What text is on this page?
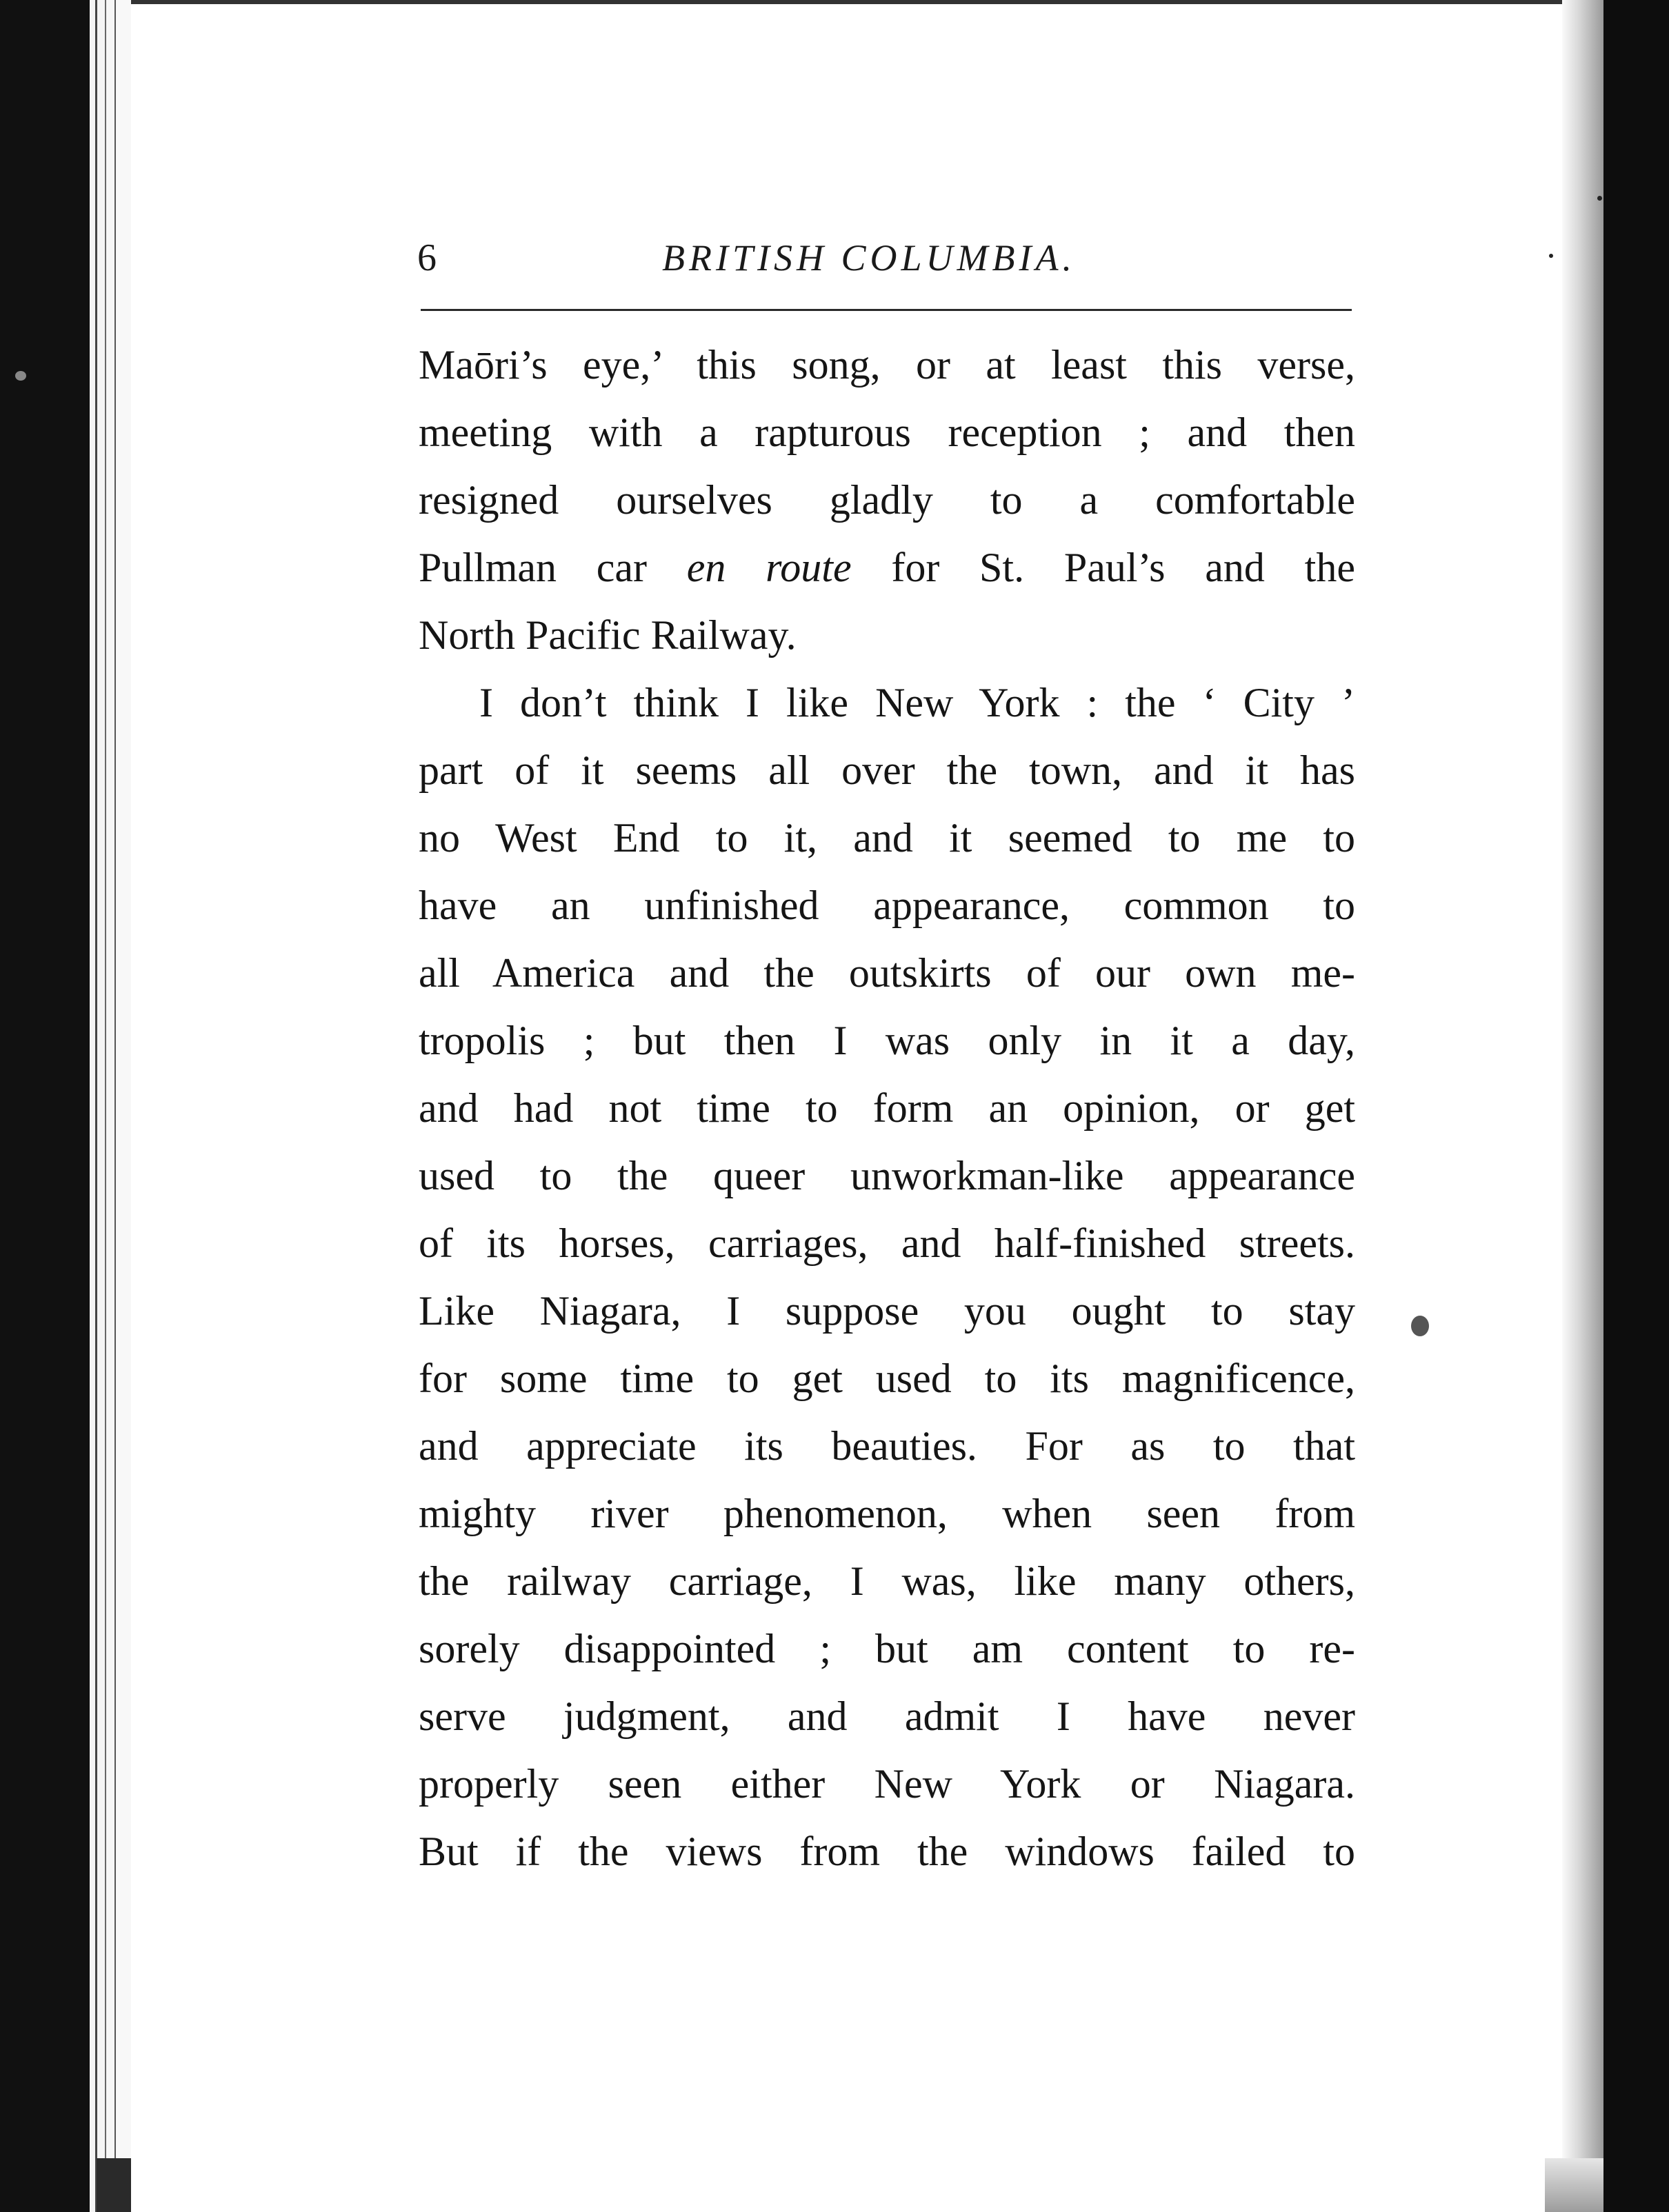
6	BRITISH COLUMBIA.
Maōri’s eye,’ this song, or at least this verse,
meeting with a rapturous reception ; and then
resigned ourselves gladly to a comfortable
Pullman car en route for St. Paul’s and the
North Pacific Railway.
I don’t think I like New York : the ‘ City ’
part of it seems all over the town, and it has
no West End to it, and it seemed to me to
have an unfinished appearance, common to
all America and the outskirts of our own me-
tropolis ; but then I was only in it a day,
and had not time to form an opinion, or get
used to the queer unworkman-like appearance
of its horses, carriages, and half-finished streets.
Like Niagara, I suppose you ought to stay
for some time to get used to its magnificence,
and appreciate its beauties. For as to that
mighty river phenomenon, when seen from
the railway carriage, I was, like many others,
sorely disappointed ; but am content to re-
serve judgment, and admit I have never
properly seen either New York or Niagara.
But if the views from the windows failed to
